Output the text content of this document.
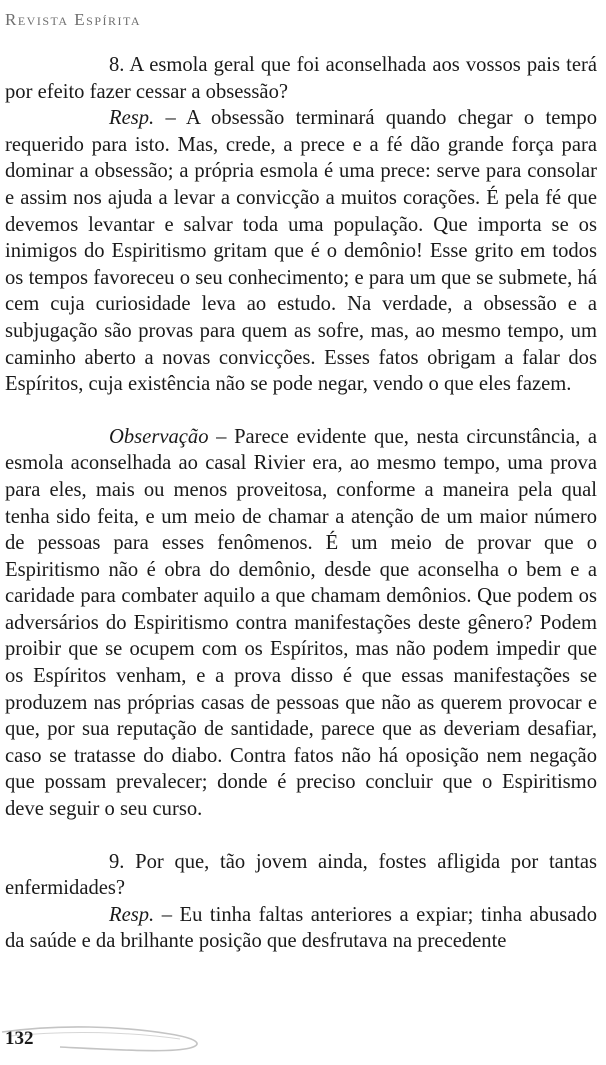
Revista Espírita

8. A esmola geral que foi aconselhada aos vossos pais terá por efeito fazer cessar a obsessão?

Resp. – A obsessão terminará quando chegar o tempo requerido para isto. Mas, crede, a prece e a fé dão grande força para dominar a obsessão; a própria esmola é uma prece: serve para consolar e assim nos ajuda a levar a convicção a muitos corações. É pela fé que devemos levantar e salvar toda uma população. Que importa se os inimigos do Espiritismo gritam que é o demônio! Esse grito em todos os tempos favoreceu o seu conhecimento; e para um que se submete, há cem cuja curiosidade leva ao estudo. Na verdade, a obsessão e a subjugação são provas para quem as sofre, mas, ao mesmo tempo, um caminho aberto a novas convicções. Esses fatos obrigam a falar dos Espíritos, cuja existência não se pode negar, vendo o que eles fazem.

Observação – Parece evidente que, nesta circunstância, a esmola aconselhada ao casal Rivier era, ao mesmo tempo, uma prova para eles, mais ou menos proveitosa, conforme a maneira pela qual tenha sido feita, e um meio de chamar a atenção de um maior número de pessoas para esses fenômenos. É um meio de provar que o Espiritismo não é obra do demônio, desde que aconselha o bem e a caridade para combater aquilo a que chamam demônios. Que podem os adversários do Espiritismo contra manifestações deste gênero? Podem proibir que se ocupem com os Espíritos, mas não podem impedir que os Espíritos venham, e a prova disso é que essas manifestações se produzem nas próprias casas de pessoas que não as querem provocar e que, por sua reputação de santidade, parece que as deveriam desafiar, caso se tratasse do diabo. Contra fatos não há oposição nem negação que possam prevalecer; donde é preciso concluir que o Espiritismo deve seguir o seu curso.

9. Por que, tão jovem ainda, fostes afligida por tantas enfermidades?

Resp. – Eu tinha faltas anteriores a expiar; tinha abusado da saúde e da brilhante posição que desfrutava na precedente

132
